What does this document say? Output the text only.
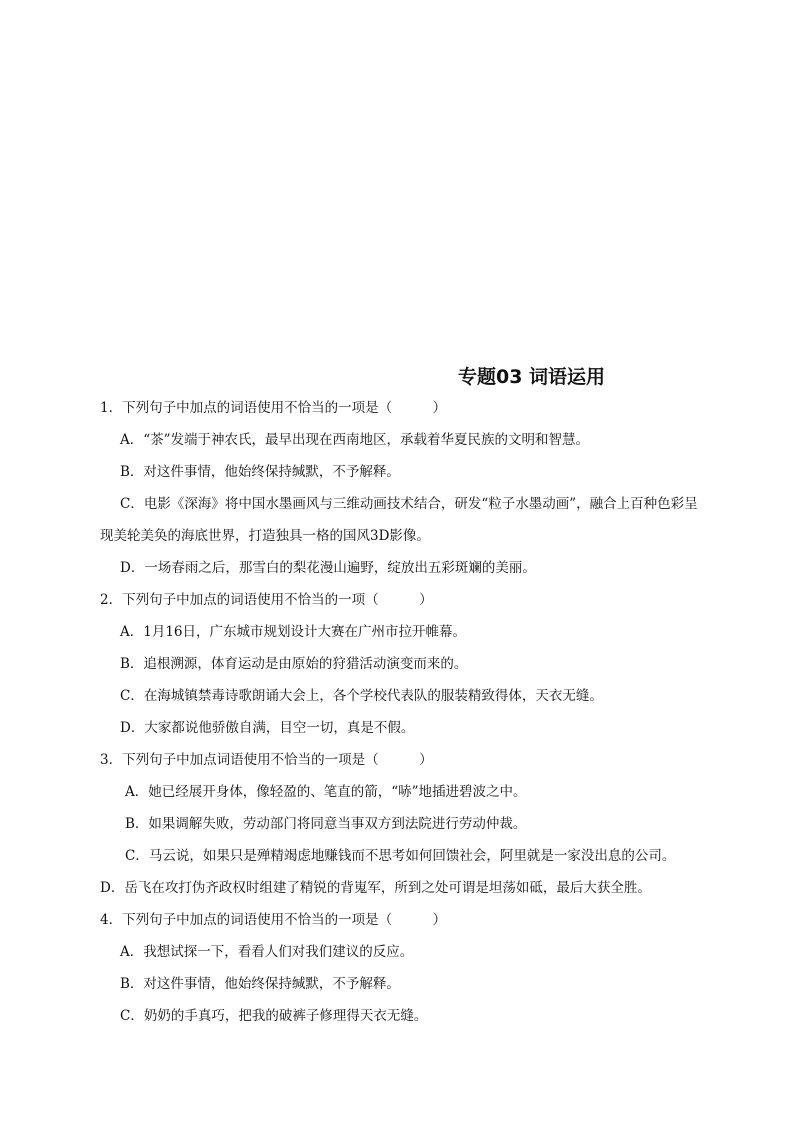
专题03 词语运用
1．下列句子中加点的词语使用不恰当的一项是（　　　）
A．“茶”发端于神农氏，最早出现在西南地区，承载着华夏民族的文明和智慧。
B．对这件事情，他始终保持缄默，不予解释。
C．电影《深海》将中国水墨画风与三维动画技术结合，研发“粒子水墨动画”，融合上百种色彩呈
现美轮美奂的海底世界，打造独具一格的国风3D影像。
D．一场春雨之后，那雪白的梨花漫山遍野，绽放出五彩斑斓的美丽。
2．下列句子中加点的词语使用不恰当的一项（　　　）
A．1月16日，广东城市规划设计大赛在广州市拉开帷幕。
B．追根溯源，体育运动是由原始的狩猎活动演变而来的。
C．在海城镇禁毒诗歌朗诵大会上，各个学校代表队的服装精致得体，天衣无缝。
D．大家都说他骄傲自满，目空一切，真是不假。
3．下列句子中加点词语使用不恰当的一项是（　　　）
A．她已经展开身体，像轻盈的、笔直的箭，“哧”地插进碧波之中。
B．如果调解失败，劳动部门将同意当事双方到法院进行劳动仲裁。
C．马云说，如果只是殚精竭虑地赚钱而不思考如何回馈社会，阿里就是一家没出息的公司。
D．岳飞在攻打伪齐政权时组建了精锐的背嵬军，所到之处可谓是坦荡如砥，最后大获全胜。
4．下列句子中加点的词语使用不恰当的一项是（　　　）
A．我想试探一下，看看人们对我们建议的反应。
B．对这件事情，他始终保持缄默，不予解释。
C．奶奶的手真巧，把我的破裤子修理得天衣无缝。
